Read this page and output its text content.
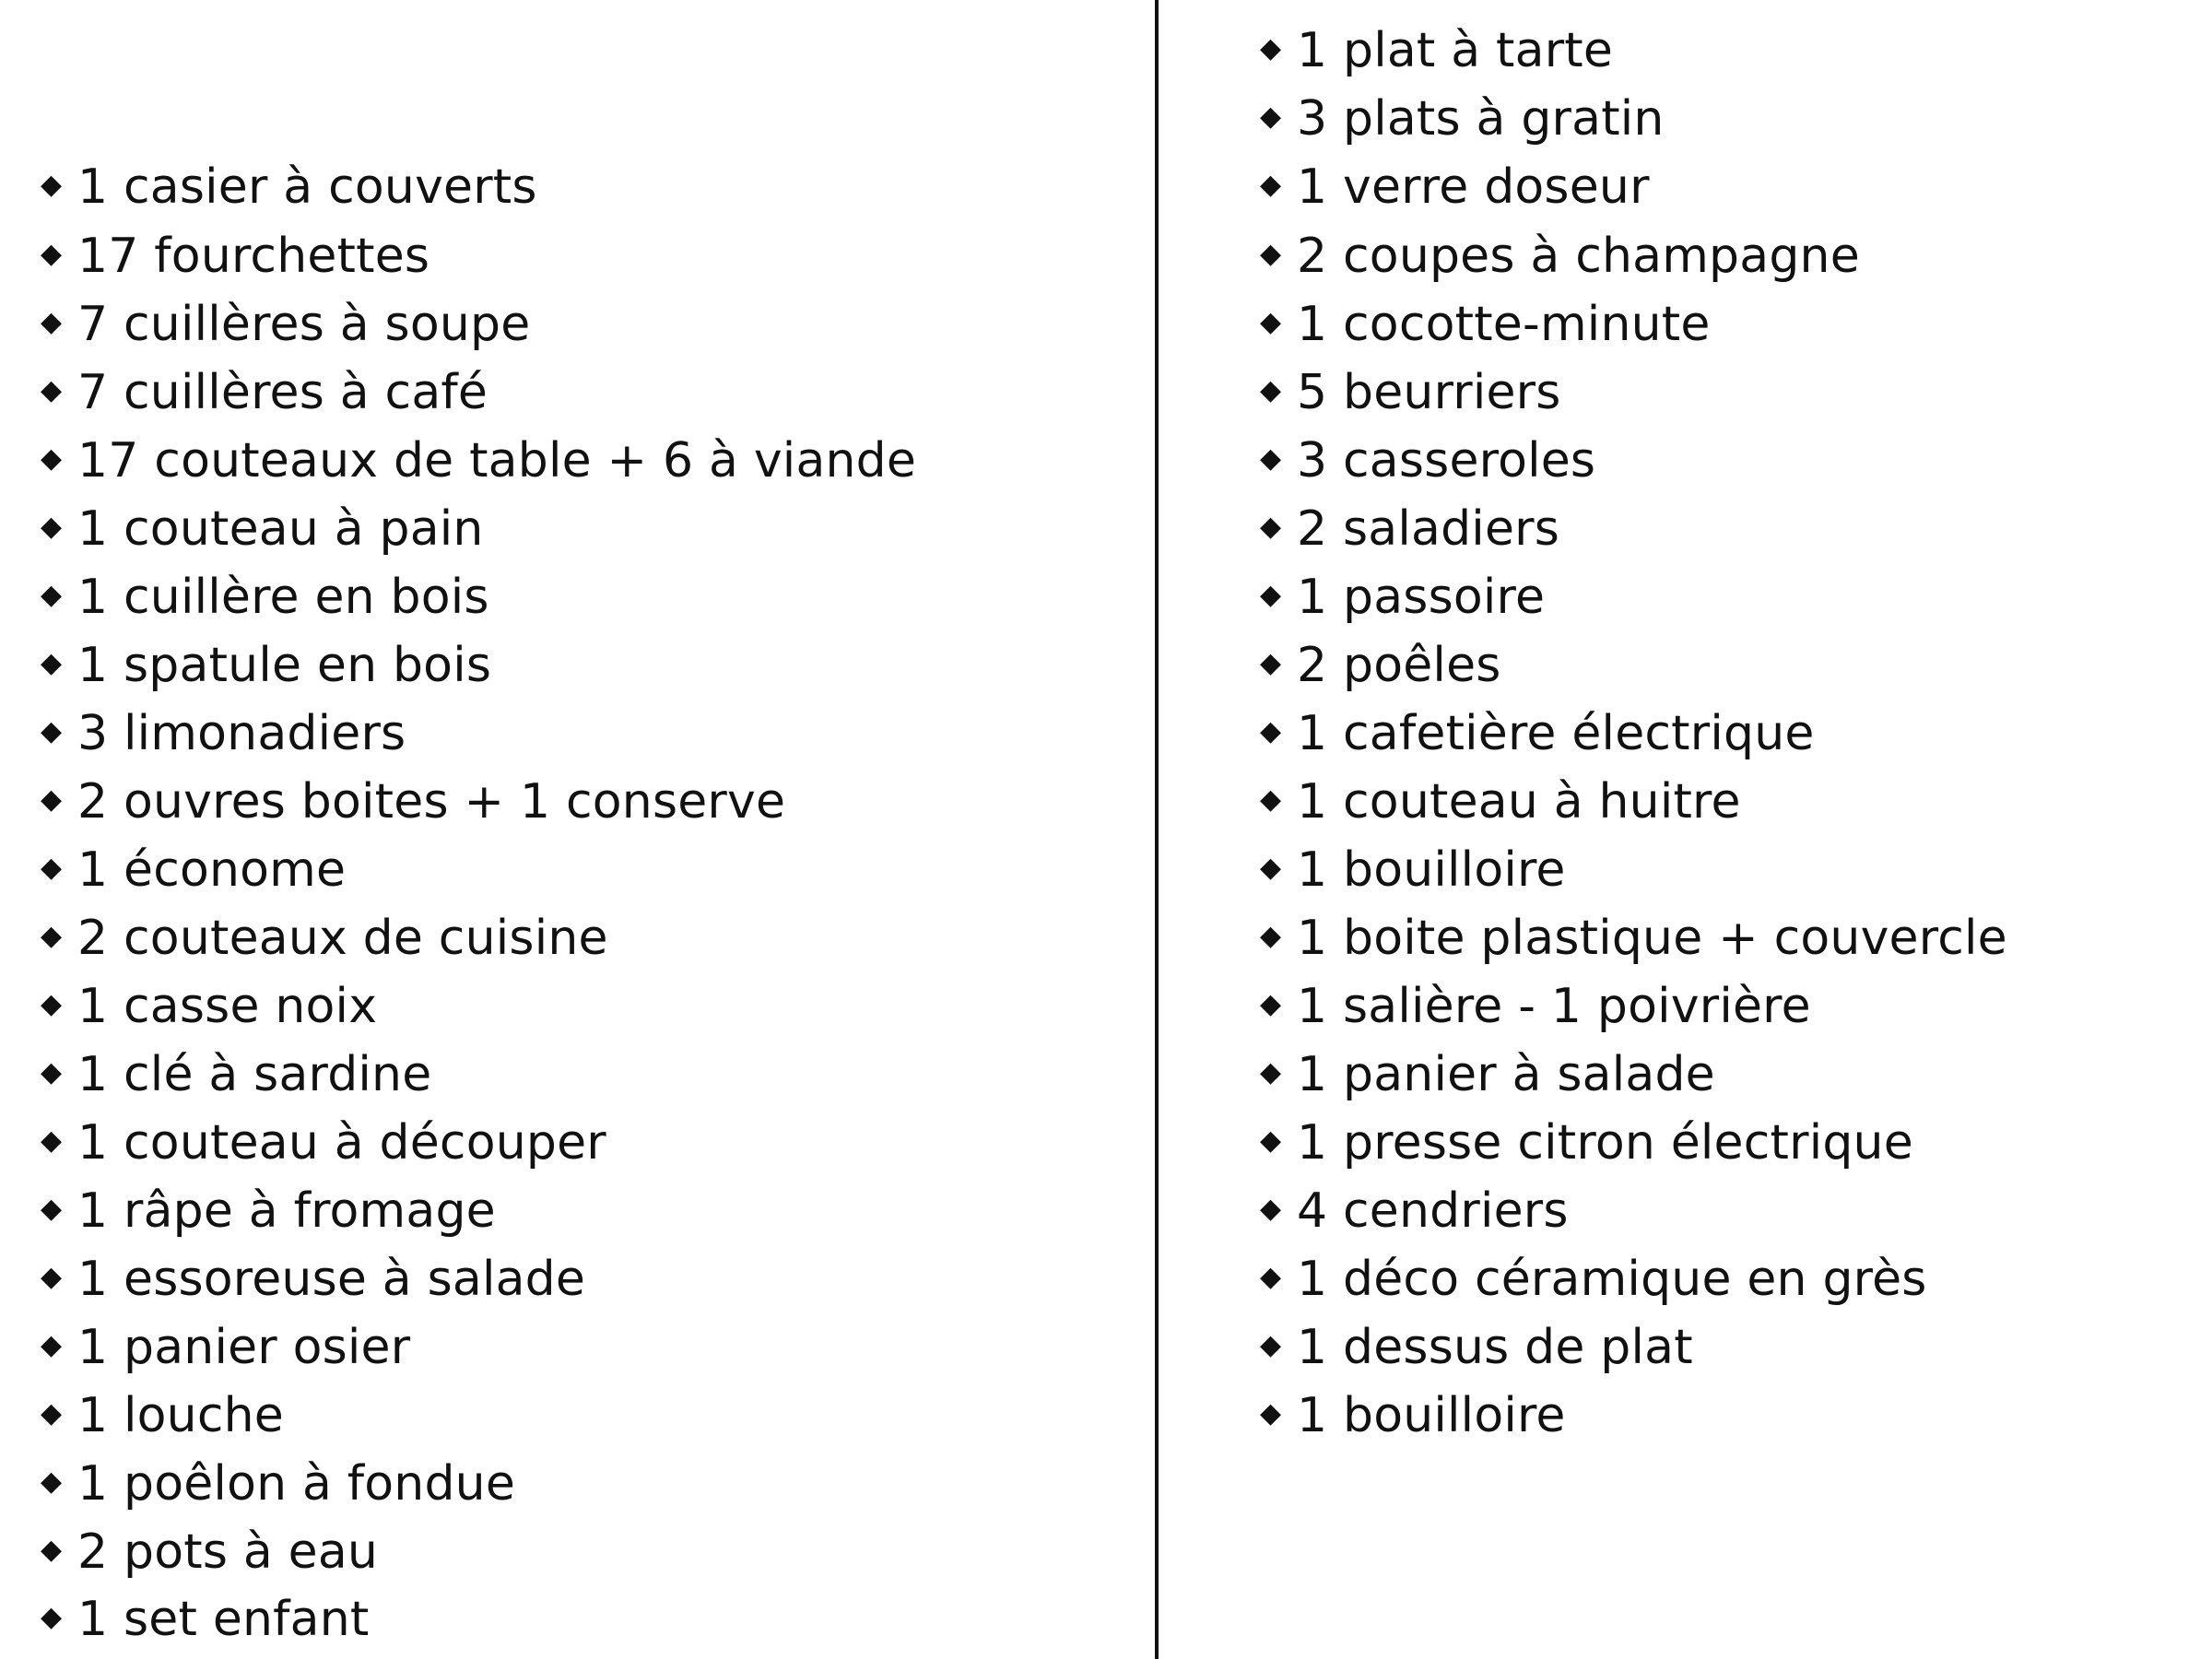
◆ 1 casier à couverts
◆ 17 fourchettes
◆ 7 cuillères à soupe
◆ 7 cuillères à café
◆ 17 couteaux de table + 6 à viande
◆ 1 couteau à pain
◆ 1 cuillère en bois
◆ 1 spatule en bois
◆ 3 limonadiers
◆ 2 ouvres boites + 1 conserve
◆ 1 économe
◆ 2 couteaux de cuisine
◆ 1 casse noix
◆ 1 clé à sardine
◆ 1 couteau à découper
◆ 1 râpe à fromage
◆ 1 essoreuse à salade
◆ 1 panier osier
◆ 1 louche
◆ 1 poêlon à fondue
◆ 2 pots à eau
◆ 1 set enfant
◆ 1 plat à tarte
◆ 3 plats à gratin
◆ 1 verre doseur
◆ 2 coupes à champagne
◆ 1 cocotte-minute
◆ 5 beurriers
◆ 3 casseroles
◆ 2 saladiers
◆ 1 passoire
◆ 2 poêles
◆ 1 cafetière électrique
◆ 1 couteau à huitre
◆ 1 bouilloire
◆ 1 boite plastique + couvercle
◆ 1 salière - 1 poivrière
◆ 1 panier à salade
◆ 1 presse citron électrique
◆ 4 cendriers
◆ 1 déco céramique en grès
◆ 1 dessus de plat
◆ 1 bouilloire
